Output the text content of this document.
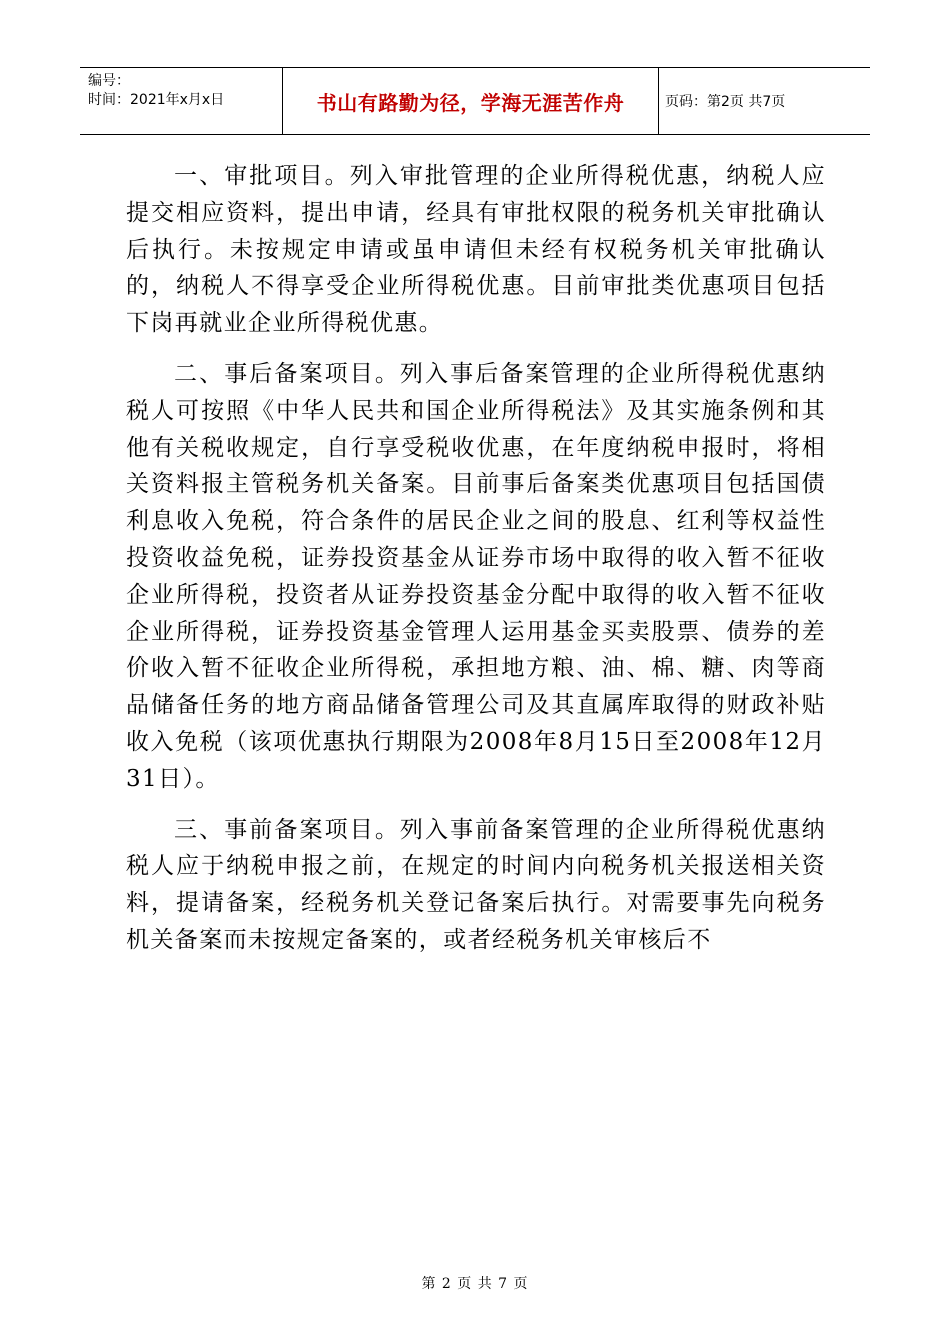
编号：
时间：2021年x月x日	书山有路勤为径，学海无涯苦作舟	页码：第2页 共7页

一、审批项目。列入审批管理的企业所得税优惠，纳税人应提交相应资料，提出申请，经具有审批权限的税务机关审批确认后执行。未按规定申请或虽申请但未经有权税务机关审批确认的，纳税人不得享受企业所得税优惠。目前审批类优惠项目包括下岗再就业企业所得税优惠。

二、事后备案项目。列入事后备案管理的企业所得税优惠纳税人可按照《中华人民共和国企业所得税法》及其实施条例和其他有关税收规定，自行享受税收优惠，在年度纳税申报时，将相关资料报主管税务机关备案。目前事后备案类优惠项目包括国债利息收入免税，符合条件的居民企业之间的股息、红利等权益性投资收益免税，证券投资基金从证券市场中取得的收入暂不征收企业所得税，投资者从证券投资基金分配中取得的收入暂不征收企业所得税，证券投资基金管理人运用基金买卖股票、债券的差价收入暂不征收企业所得税，承担地方粮、油、棉、糖、肉等商品储备任务的地方商品储备管理公司及其直属库取得的财政补贴收入免税（该项优惠执行期限为2008年8月15日至2008年12月31日）。

三、事前备案项目。列入事前备案管理的企业所得税优惠纳税人应于纳税申报之前，在规定的时间内向税务机关报送相关资料，提请备案，经税务机关登记备案后执行。对需要事先向税务机关备案而未按规定备案的，或者经税务机关审核后不

第 2 页 共 7 页
